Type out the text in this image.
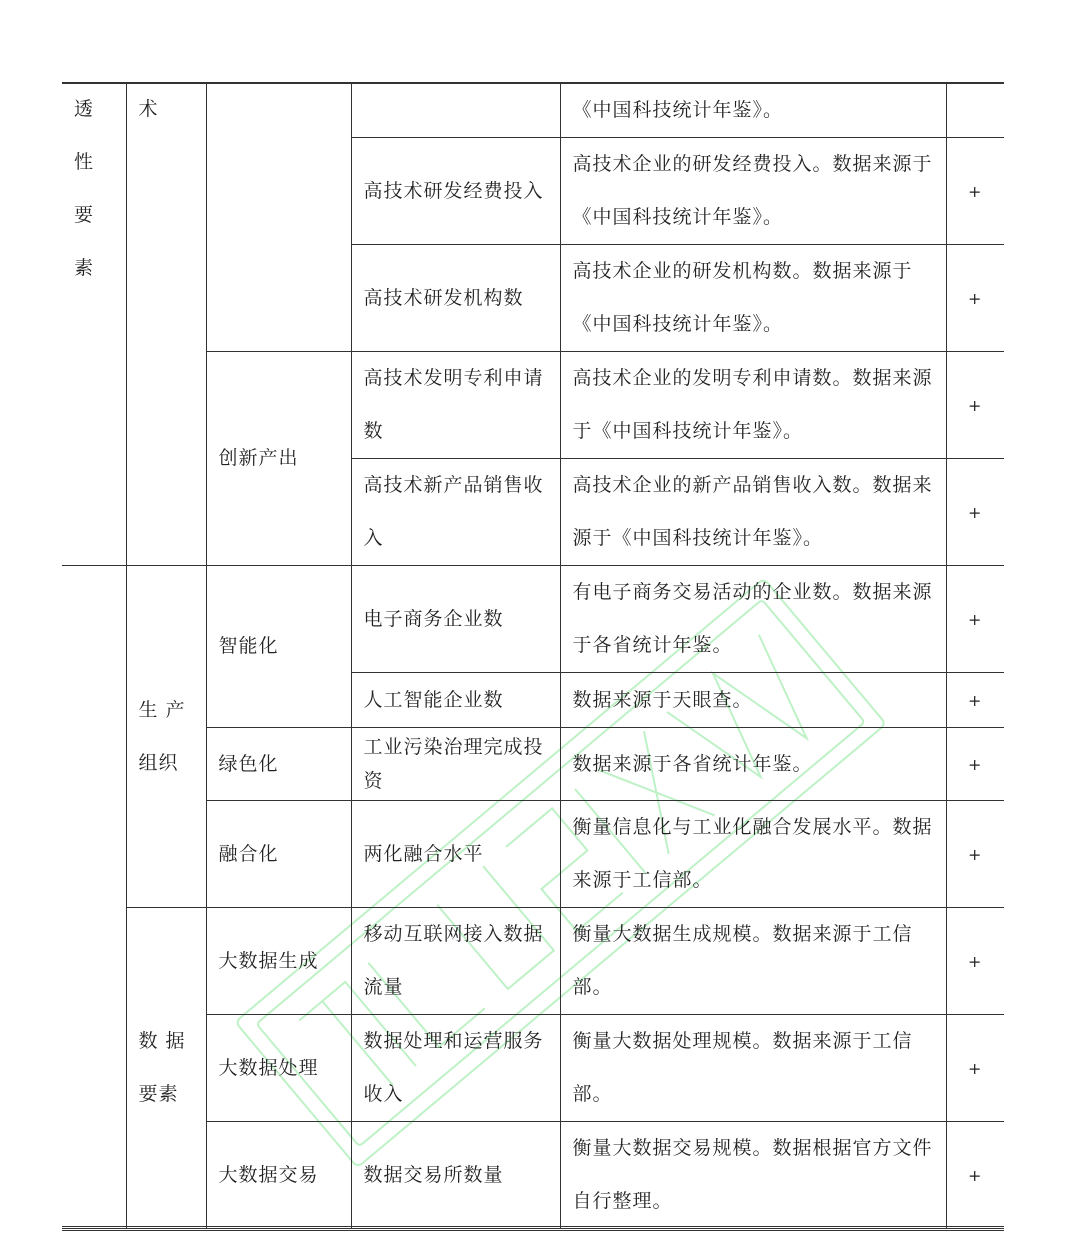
透
性
要
素	术			《中国科技统计年鉴》。	
			高技术研发经费投入	高技术企业的研发经费投入。数据来源于
《中国科技统计年鉴》。	+
			高技术研发机构数	高技术企业的研发机构数。数据来源于
《中国科技统计年鉴》。	+
		创新产出	高技术发明专利申请
数	高技术企业的发明专利申请数。数据来源
于《中国科技统计年鉴》。	+

			高技术新产品销售收
入	高技术企业的新产品销售收入数。数据来
源于《中国科技统计年鉴》。	+

	生 产
组织	智能化	电子商务企业数	有电子商务交易活动的企业数。数据来源
于各省统计年鉴。	+
			人工智能企业数	数据来源于天眼查。	+
		绿色化	工业污染治理完成投
资	数据来源于各省统计年鉴。	+
		融合化	两化融合水平	衡量信息化与工业化融合发展水平。数据
来源于工信部。	+

	数 据
要素	大数据生成	移动互联网接入数据
流量	衡量大数据生成规模。数据来源于工信
部。	+
		大数据处理	数据处理和运营服务
收入	衡量大数据处理规模。数据来源于工信
部。	+
		大数据交易	数据交易所数量	衡量大数据交易规模。数据根据官方文件
自行整理。	+
